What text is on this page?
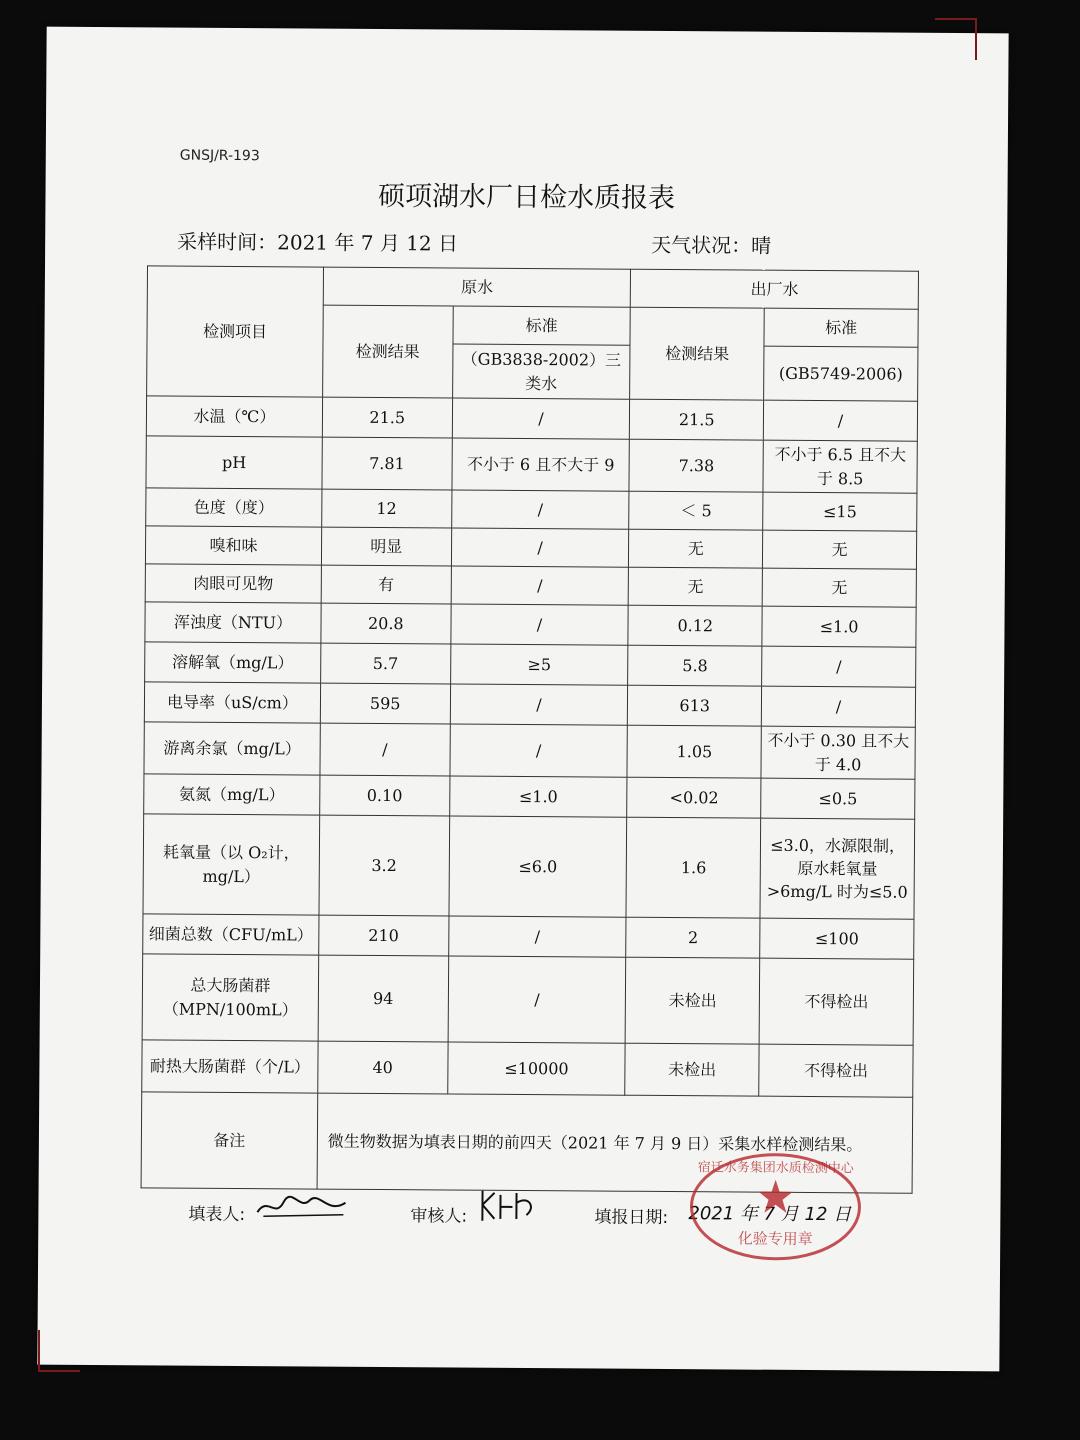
GNSJ/R-193
硕项湖水厂日检水质报表
采样时间：2021 年 7 月 12 日	天气状况：晴
检测项目	原水		出厂水	
	检测结果	标准	检测结果	标准
		（GB3838-2002）三类水		(GB5749-2006)
水温（℃）	21.5	/	21.5	/
pH	7.81	不小于 6 且不大于 9	7.38	不小于 6.5 且不大于 8.5
色度（度）	12	/	＜ 5	≤15
嗅和味	明显	/	无	无
肉眼可见物	有	/	无	无
浑浊度（NTU）	20.8	/	0.12	≤1.0
溶解氧（mg/L）	5.7	≥5	5.8	/
电导率（uS/cm）	595	/	613	/
游离余氯（mg/L）	/	/	1.05	不小于 0.30 且不大于 4.0
氨氮（mg/L）	0.10	≤1.0	<0.02	≤0.5
耗氧量（以 O₂计，mg/L）	3.2	≤6.0	1.6	≤3.0，水源限制，原水耗氧量>6mg/L 时为≤5.0
细菌总数（CFU/mL）	210	/	2	≤100
总大肠菌群（MPN/100mL）	94	/	未检出	不得检出
耐热大肠菌群（个/L）	40	≤10000	未检出	不得检出
备注	微生物数据为填表日期的前四天（2021 年 7 月 9 日）采集水样检测结果。			
填表人:	审核人:	填报日期: 2021 年 7 月 12 日
宿迁水务集团水质检测中心
化验专用章
